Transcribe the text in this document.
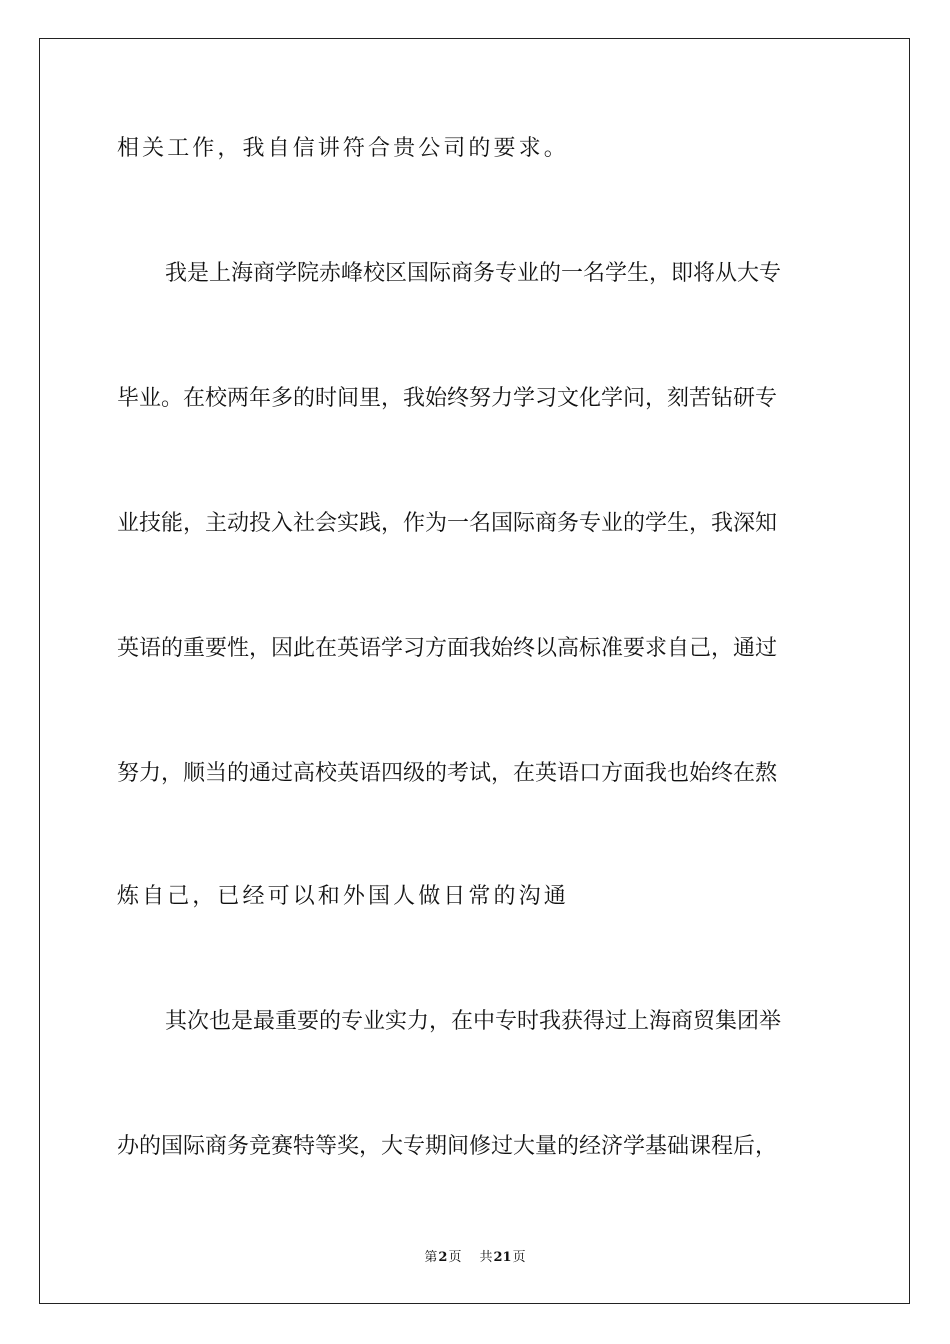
相关工作，我自信讲符合贵公司的要求。
我是上海商学院赤峰校区国际商务专业的一名学生，即将从大专
毕业。在校两年多的时间里，我始终努力学习文化学问，刻苦钻研专
业技能，主动投入社会实践，作为一名国际商务专业的学生，我深知
英语的重要性，因此在英语学习方面我始终以高标准要求自己，通过
努力，顺当的通过高校英语四级的考试，在英语口方面我也始终在熬
炼自己，已经可以和外国人做日常的沟通
其次也是最重要的专业实力，在中专时我获得过上海商贸集团举
办的国际商务竞赛特等奖，大专期间修过大量的经济学基础课程后，
第2页 共21页
